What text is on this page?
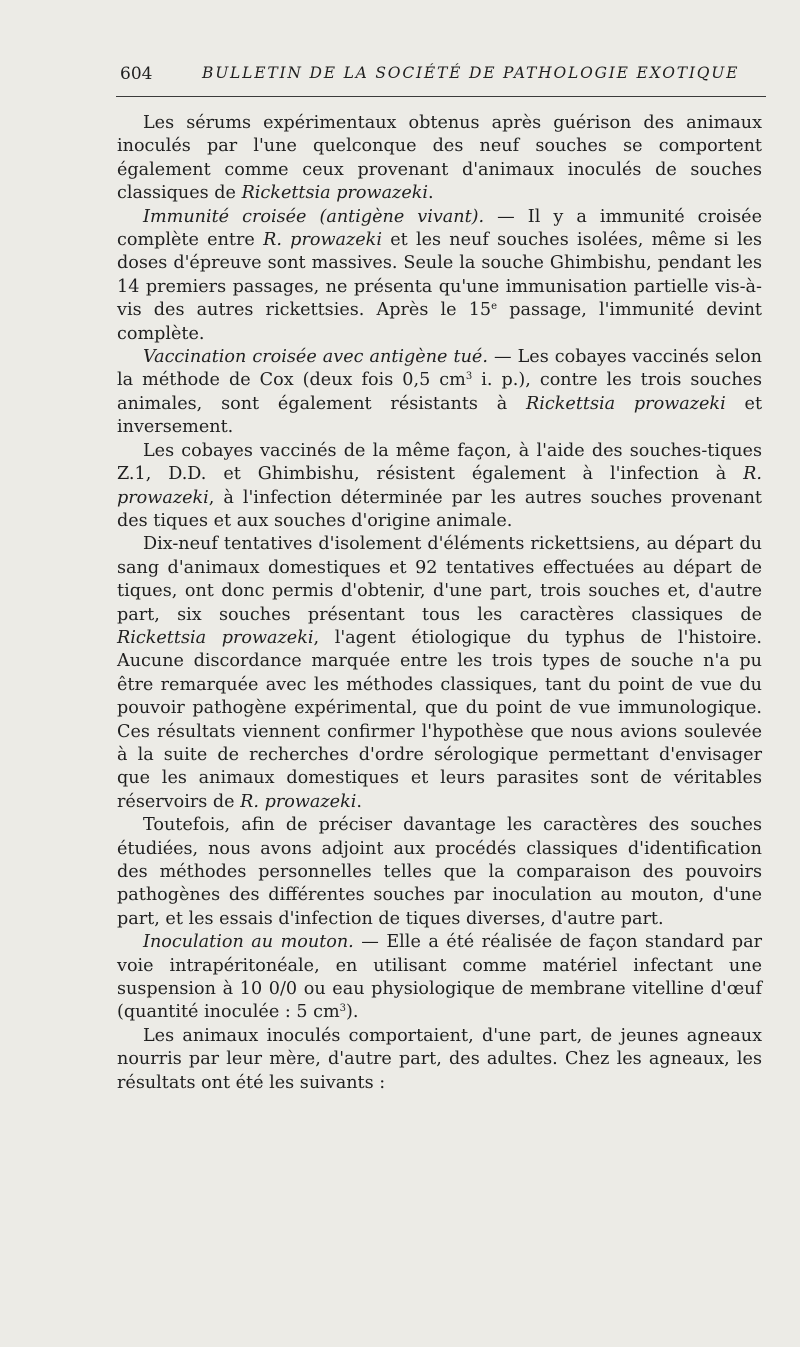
604	BULLETIN DE LA SOCIÉTÉ DE PATHOLOGIE EXOTIQUE

Les sérums expérimentaux obtenus après guérison des animaux inoculés par l'une quelconque des neuf souches se comportent également comme ceux provenant d'animaux inoculés de souches classiques de Rickettsia prowazeki.

Immunité croisée (antigène vivant). — Il y a immunité croisée complète entre R. prowazeki et les neuf souches isolées, même si les doses d'épreuve sont massives. Seule la souche Ghimbishu, pendant les 14 premiers passages, ne présenta qu'une immunisation partielle vis-à-vis des autres rickettsies. Après le 15e passage, l'immunité devint complète.

Vaccination croisée avec antigène tué. — Les cobayes vaccinés selon la méthode de Cox (deux fois 0,5 $cm^3$ i. p.), contre les trois souches animales, sont également résistants à Rickettsia prowazeki et inversement.

Les cobayes vaccinés de la même façon, à l'aide des souches-tiques Z.1, D.D. et Ghimbishu, résistent également à l'infection à R. prowazeki, à l'infection déterminée par les autres souches provenant des tiques et aux souches d'origine animale.

Dix-neuf tentatives d'isolement d'éléments rickettsiens, au départ du sang d'animaux domestiques et 92 tentatives effectuées au départ de tiques, ont donc permis d'obtenir, d'une part, trois souches et, d'autre part, six souches présentant tous les caractères classiques de Rickettsia prowazeki, l'agent étiologique du typhus de l'histoire. Aucune discordance marquée entre les trois types de souche n'a pu être remarquée avec les méthodes classiques, tant du point de vue du pouvoir pathogène expérimental, que du point de vue immunologique. Ces résultats viennent confirmer l'hypothèse que nous avions soulevée à la suite de recherches d'ordre sérologique permettant d'envisager que les animaux domestiques et leurs parasites sont de véritables réservoirs de R. prowazeki.

Toutefois, afin de préciser davantage les caractères des souches étudiées, nous avons adjoint aux procédés classiques d'identification des méthodes personnelles telles que la comparaison des pouvoirs pathogènes des différentes souches par inoculation au mouton, d'une part, et les essais d'infection de tiques diverses, d'autre part.

Inoculation au mouton. — Elle a été réalisée de façon standard par voie intrapéritonéale, en utilisant comme matériel infectant une suspension à 10 0/0 ou eau physiologique de membrane vitelline d'œuf (quantité inoculée : 5 $cm^3$).

Les animaux inoculés comportaient, d'une part, de jeunes agneaux nourris par leur mère, d'autre part, des adultes. Chez les agneaux, les résultats ont été les suivants :
